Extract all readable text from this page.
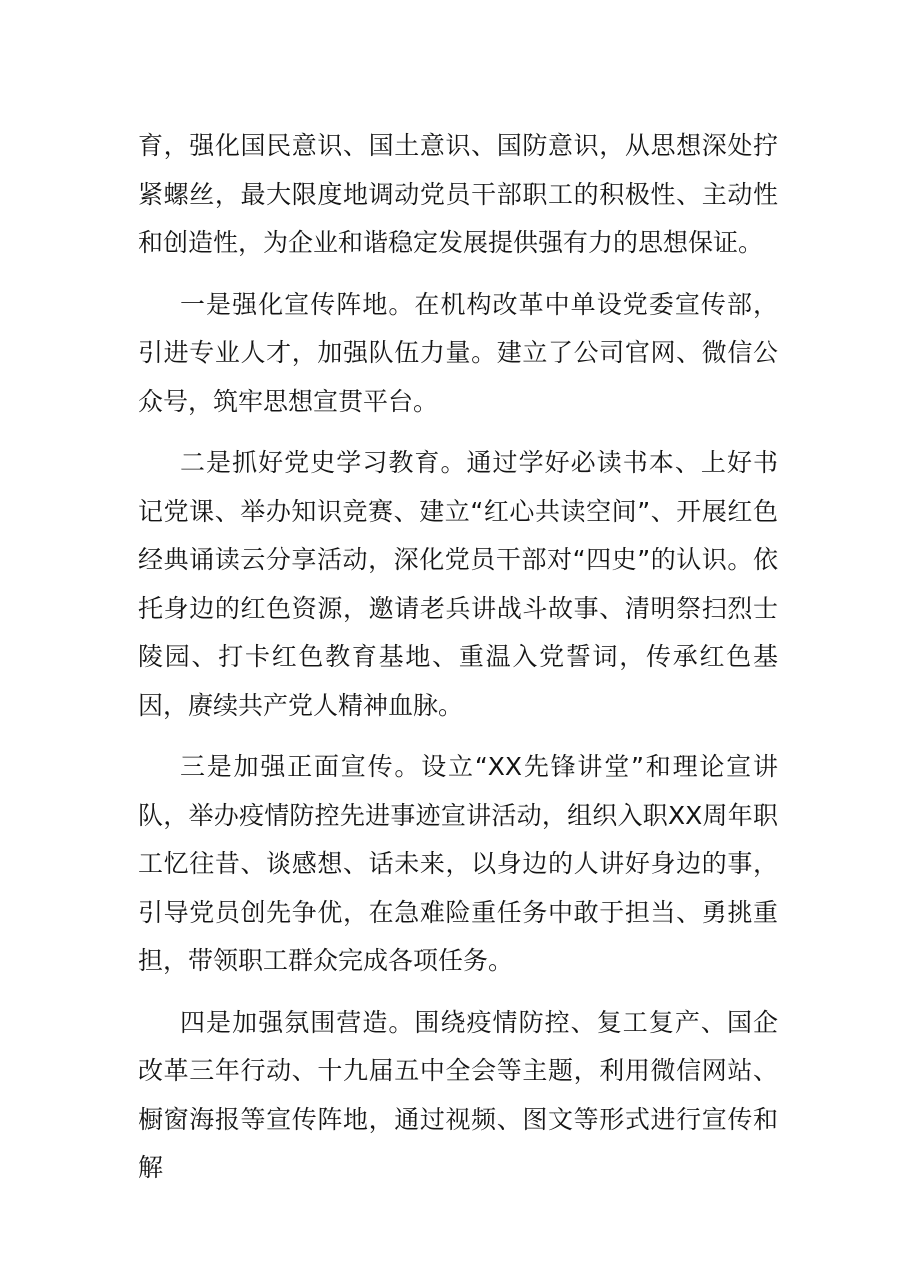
育，强化国民意识、国土意识、国防意识，从思想深处拧紧螺丝，最大限度地调动党员干部职工的积极性、主动性和创造性，为企业和谐稳定发展提供强有力的思想保证。

一是强化宣传阵地。在机构改革中单设党委宣传部，引进专业人才，加强队伍力量。建立了公司官网、微信公众号，筑牢思想宣贯平台。

二是抓好党史学习教育。通过学好必读书本、上好书记党课、举办知识竞赛、建立“红心共读空间”、开展红色经典诵读云分享活动，深化党员干部对“四史”的认识。依托身边的红色资源，邀请老兵讲战斗故事、清明祭扫烈士陵园、打卡红色教育基地、重温入党誓词，传承红色基因，赓续共产党人精神血脉。

三是加强正面宣传。设立“XX先锋讲堂”和理论宣讲队，举办疫情防控先进事迹宣讲活动，组织入职XX周年职工忆往昔、谈感想、话未来，以身边的人讲好身边的事，引导党员创先争优，在急难险重任务中敢于担当、勇挑重担，带领职工群众完成各项任务。

四是加强氛围营造。围绕疫情防控、复工复产、国企改革三年行动、十九届五中全会等主题，利用微信网站、橱窗海报等宣传阵地，通过视频、图文等形式进行宣传和解
